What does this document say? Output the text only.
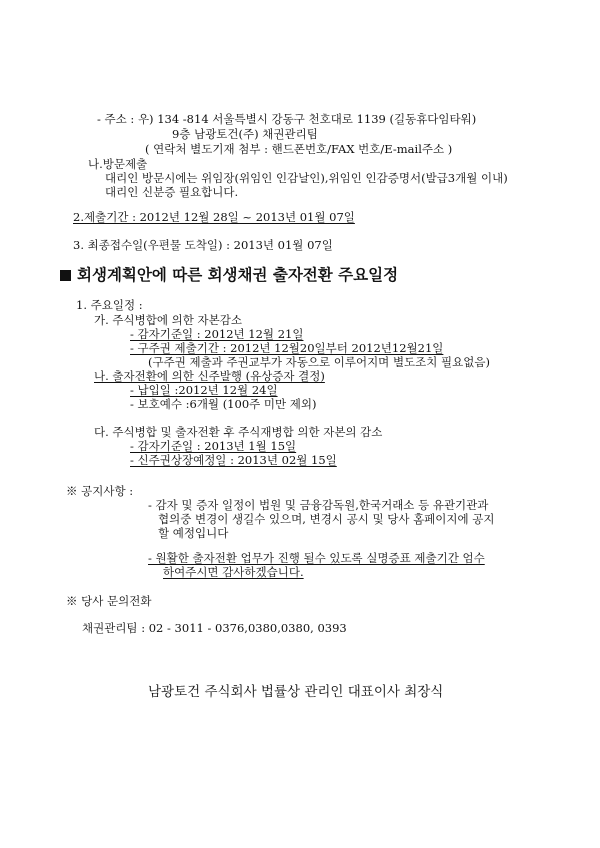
- 주소 : 우) 134 -814 서울특별시 강동구 천호대로 1139 (길동휴다임타워)
9층 남광토건(주) 채권관리팀
( 연락처 별도기재 첨부 : 핸드폰번호/FAX 번호/E-mail주소 )
나.방문제출
대리인 방문시에는 위임장(위임인 인감날인),위임인 인감증명서(발급3개월 이내)
대리인 신분증 필요합니다.
2.제출기간 : 2012년 12월 28일 ~ 2013년 01월 07일
3. 최종접수일(우편물 도착일) : 2013년 01월 07일
회생계획안에 따른 회생채권 출자전환 주요일정
1. 주요일정 :
가. 주식병합에 의한 자본감소
- 감자기준일 : 2012년 12월 21일
- 구주권 제출기간 : 2012년 12월20일부터 2012년12월21일
(구주권 제출과 주권교부가 자동으로 이루어지며 별도조치 필요없음)
나. 출자전환에 의한 신주발행 (유상증자 결정)
- 납입일 :2012년 12월 24일
- 보호예수 :6개월 (100주 미만 제외)
다. 주식병합 및 출자전환 후 주식재병합 의한 자본의 감소
- 감자기준일 : 2013년 1월 15일
- 신주권상장예정일 : 2013년 02월 15일
※ 공지사항 :
- 감자 및 증자 일정이 법원 및 금융감독원,한국거래소 등 유관기관과
협의중 변경이 생길수 있으며, 변경시 공시 및 당사 홈페이지에 공지
할 예정입니다
- 원활한 출자전환 업무가 진행 될수 있도록 실명증표 제출기간 엄수
하여주시면 감사하겠습니다.
※ 당사 문의전화
채권관리팀 : 02 - 3011 - 0376,0380,0380, 0393
남광토건 주식회사 법률상 관리인 대표이사 최장식
